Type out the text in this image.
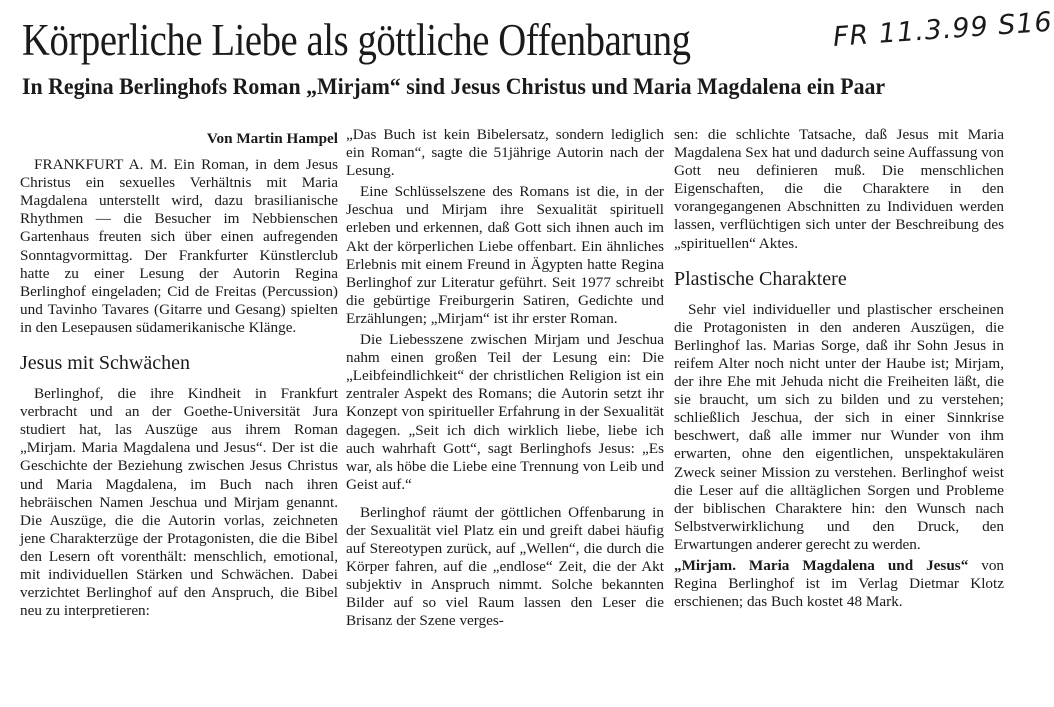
Körperliche Liebe als göttliche Offenbarung	FR 11.3.99 S16
In Regina Berlinghofs Roman „Mirjam“ sind Jesus Christus und Maria Magdalena ein Paar
Von Martin Hampel

FRANKFURT A. M. Ein Roman, in dem Jesus Christus ein sexuelles Verhältnis mit Maria Magdalena unterstellt wird, dazu brasilianische Rhythmen — die Besucher im Nebbienschen Gartenhaus freuten sich über einen aufregenden Sonntagvormittag. Der Frankfurter Künstlerclub hatte zu einer Lesung der Autorin Regina Berlinghof eingeladen; Cid de Freitas (Percussion) und Tavinho Tavares (Gitarre und Gesang) spielten in den Lesepausen südamerikanische Klänge.

Jesus mit Schwächen

Berlinghof, die ihre Kindheit in Frankfurt verbracht und an der Goethe-Universität Jura studiert hat, las Auszüge aus ihrem Roman „Mirjam. Maria Magdalena und Jesus“. Der ist die Geschichte der Beziehung zwischen Jesus Christus und Maria Magdalena, im Buch nach ihren hebräischen Namen Jeschua und Mirjam genannt. Die Auszüge, die die Autorin vorlas, zeichneten jene Charakterzüge der Protagonisten, die die Bibel den Lesern oft vorenthält: menschlich, emotional, mit individuellen Stärken und Schwächen. Dabei verzichtet Berlinghof auf den Anspruch, die Bibel neu zu interpretieren:

„Das Buch ist kein Bibelersatz, sondern lediglich ein Roman“, sagte die 51jährige Autorin nach der Lesung.

Eine Schlüsselszene des Romans ist die, in der Jeschua und Mirjam ihre Sexualität spirituell erleben und erkennen, daß Gott sich ihnen auch im Akt der körperlichen Liebe offenbart. Ein ähnliches Erlebnis mit einem Freund in Ägypten hatte Regina Berlinghof zur Literatur geführt. Seit 1977 schreibt die gebürtige Freiburgerin Satiren, Gedichte und Erzählungen; „Mirjam“ ist ihr erster Roman.

Die Liebesszene zwischen Mirjam und Jeschua nahm einen großen Teil der Lesung ein: Die „Leibfeindlichkeit“ der christlichen Religion ist ein zentraler Aspekt des Romans; die Autorin setzt ihr Konzept von spiritueller Erfahrung in der Sexualität dagegen. „Seit ich dich wirklich liebe, liebe ich auch wahrhaft Gott“, sagt Berlinghofs Jesus: „Es war, als höbe die Liebe eine Trennung von Leib und Geist auf.“

Berlinghof räumt der göttlichen Offenbarung in der Sexualität viel Platz ein und greift dabei häufig auf Stereotypen zurück, auf „Wellen“, die durch die Körper fahren, auf die „endlose“ Zeit, die der Akt subjektiv in Anspruch nimmt. Solche bekannten Bilder auf so viel Raum lassen den Leser die Brisanz der Szene verges-

sen: die schlichte Tatsache, daß Jesus mit Maria Magdalena Sex hat und dadurch seine Auffassung von Gott neu definieren muß. Die menschlichen Eigenschaften, die die Charaktere in den vorangegangenen Abschnitten zu Individuen werden lassen, verflüchtigen sich unter der Beschreibung des „spirituellen“ Aktes.

Plastische Charaktere

Sehr viel individueller und plastischer erscheinen die Protagonisten in den anderen Auszügen, die Berlinghof las. Marias Sorge, daß ihr Sohn Jesus in reifem Alter noch nicht unter der Haube ist; Mirjam, der ihre Ehe mit Jehuda nicht die Freiheiten läßt, die sie braucht, um sich zu bilden und zu verstehen; schließlich Jeschua, der sich in einer Sinnkrise beschwert, daß alle immer nur Wunder von ihm erwarten, ohne den eigentlichen, unspektakulären Zweck seiner Mission zu verstehen. Berlinghof weist die Leser auf die alltäglichen Sorgen und Probleme der biblischen Charaktere hin: den Wunsch nach Selbstverwirklichung und den Druck, den Erwartungen anderer gerecht zu werden.

„Mirjam. Maria Magdalena und Jesus“ von Regina Berlinghof ist im Verlag Dietmar Klotz erschienen; das Buch kostet 48 Mark.
